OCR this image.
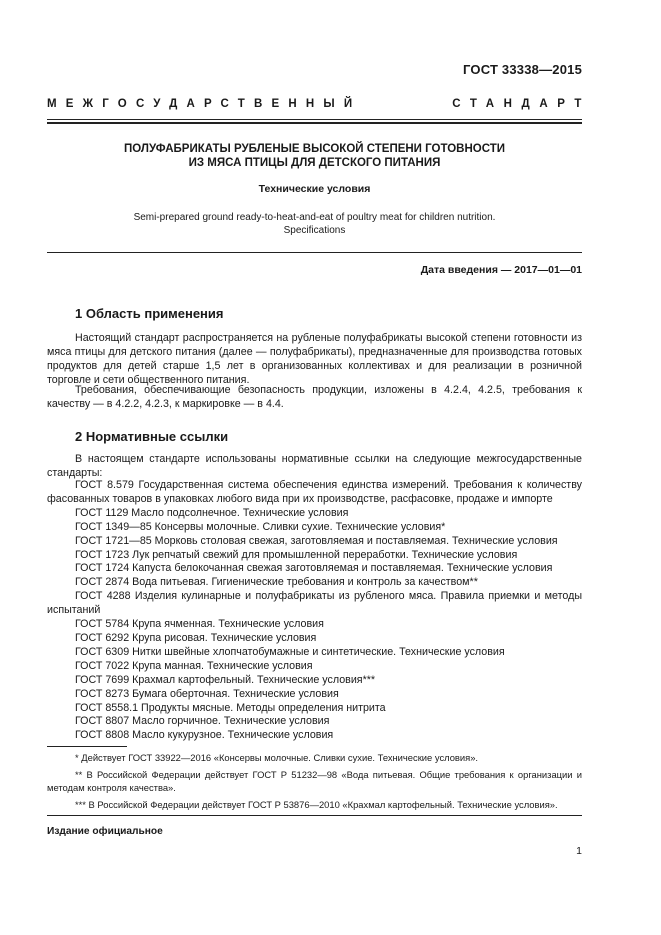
ГОСТ 33338—2015
МЕЖГОСУДАРСТВЕННЫЙ	СТАНДАРТ
ПОЛУФАБРИКАТЫ РУБЛЕНЫЕ ВЫСОКОЙ СТЕПЕНИ ГОТОВНОСТИ
ИЗ МЯСА ПТИЦЫ ДЛЯ ДЕТСКОГО ПИТАНИЯ
Технические условия
Semi-prepared ground ready-to-heat-and-eat of poultry meat for children nutrition.
Specifications
Дата введения — 2017—01—01
1 Область применения
Настоящий стандарт распространяется на рубленые полуфабрикаты высокой степени готовности из мяса птицы для детского питания (далее — полуфабрикаты), предназначенные для производства готовых продуктов для детей старше 1,5 лет в организованных коллективах и для реализации в розничной торговле и сети общественного питания.
Требования, обеспечивающие безопасность продукции, изложены в 4.2.4, 4.2.5, требования к качеству — в 4.2.2, 4.2.3, к маркировке — в 4.4.
2 Нормативные ссылки
В настоящем стандарте использованы нормативные ссылки на следующие межгосударственные стандарты:
ГОСТ 8.579 Государственная система обеспечения единства измерений. Требования к количеству фасованных товаров в упаковках любого вида при их производстве, расфасовке, продаже и импорте
ГОСТ 1129 Масло подсолнечное. Технические условия
ГОСТ 1349—85 Консервы молочные. Сливки сухие. Технические условия*
ГОСТ 1721—85 Морковь столовая свежая, заготовляемая и поставляемая. Технические условия
ГОСТ 1723 Лук репчатый свежий для промышленной переработки. Технические условия
ГОСТ 1724 Капуста белокочанная свежая заготовляемая и поставляемая. Технические условия
ГОСТ 2874 Вода питьевая. Гигиенические требования и контроль за качеством**
ГОСТ 4288 Изделия кулинарные и полуфабрикаты из рубленого мяса. Правила приемки и методы испытаний
ГОСТ 5784 Крупа ячменная. Технические условия
ГОСТ 6292 Крупа рисовая. Технические условия
ГОСТ 6309 Нитки швейные хлопчатобумажные и синтетические. Технические условия
ГОСТ 7022 Крупа манная. Технические условия
ГОСТ 7699 Крахмал картофельный. Технические условия***
ГОСТ 8273 Бумага оберточная. Технические условия
ГОСТ 8558.1 Продукты мясные. Методы определения нитрита
ГОСТ 8807 Масло горчичное. Технические условия
ГОСТ 8808 Масло кукурузное. Технические условия
* Действует ГОСТ 33922—2016 «Консервы молочные. Сливки сухие. Технические условия».
** В Российской Федерации действует ГОСТ Р 51232—98 «Вода питьевая. Общие требования к организации и методам контроля качества».
*** В Российской Федерации действует ГОСТ Р 53876—2010 «Крахмал картофельный. Технические условия».
Издание официальное
1
